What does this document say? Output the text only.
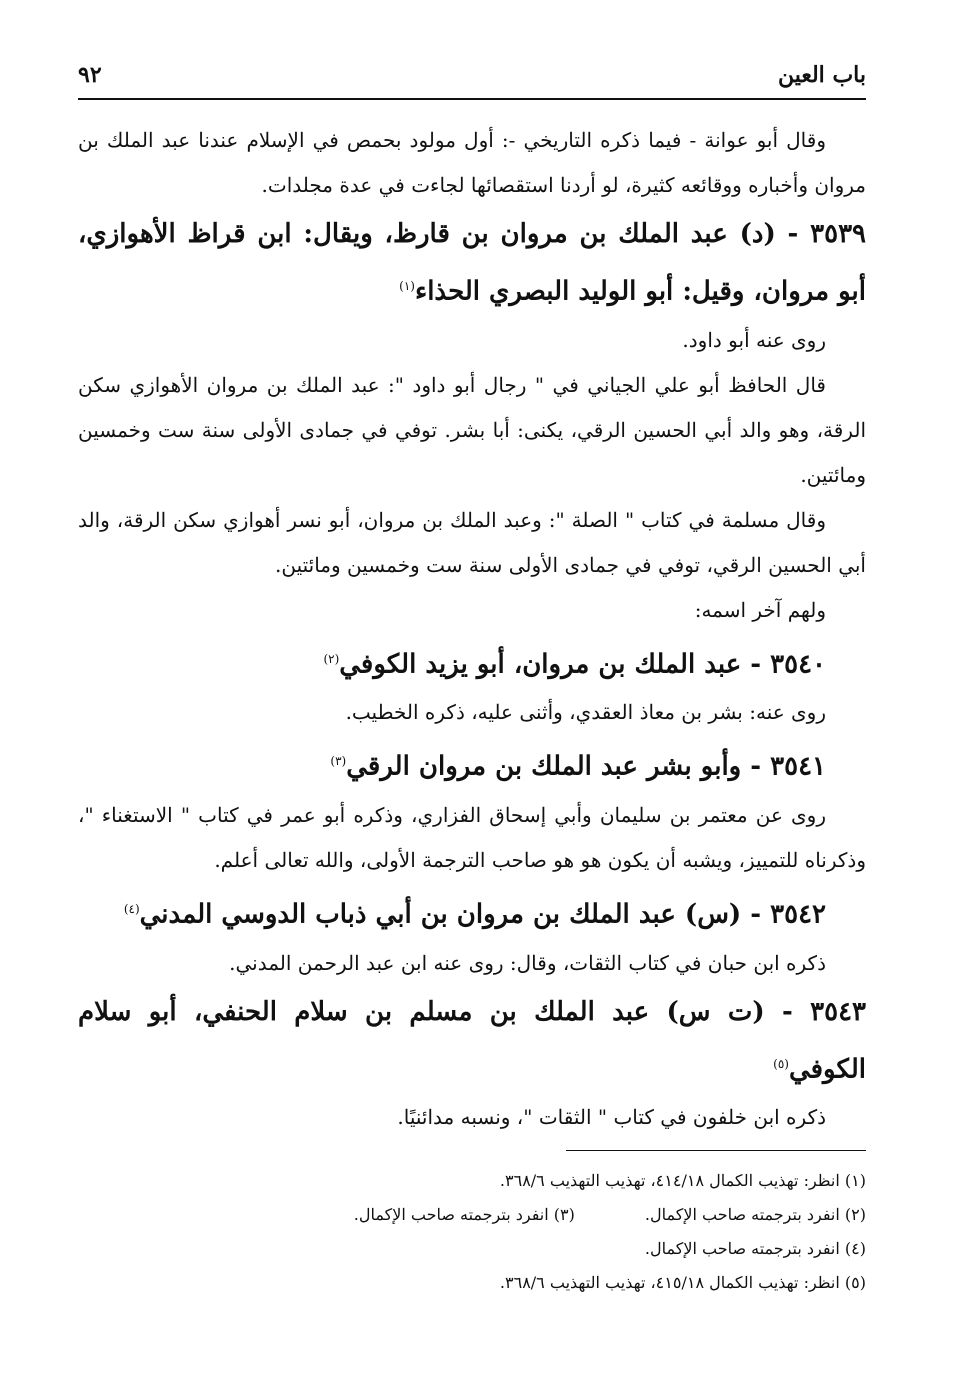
باب العين
٩٢

وقال أبو عوانة - فيما ذكره التاريخي -: أول مولود بحمص في الإسلام عندنا عبد الملك بن مروان وأخباره ووقائعه كثيرة، لو أردنا استقصائها لجاءت في عدة مجلدات.

٣٥٣٩ - (د) عبد الملك بن مروان بن قارظ، ويقال: ابن قراظ الأهوازي، أبو مروان، وقيل: أبو الوليد البصري الحذاء$^{(١)}$

روى عنه أبو داود.

قال الحافظ أبو علي الجياني في " رجال أبو داود ": عبد الملك بن مروان الأهوازي سكن الرقة، وهو والد أبي الحسين الرقي، يكنى: أبا بشر. توفي في جمادى الأولى سنة ست وخمسين ومائتين.

وقال مسلمة في كتاب " الصلة ": وعبد الملك بن مروان، أبو نسر أهوازي سكن الرقة، والد أبي الحسين الرقي، توفي في جمادى الأولى سنة ست وخمسين ومائتين.

ولهم آخر اسمه:

٣٥٤٠ - عبد الملك بن مروان، أبو يزيد الكوفي$^{(٢)}$

روى عنه: بشر بن معاذ العقدي، وأثنى عليه، ذكره الخطيب.

٣٥٤١ - وأبو بشر عبد الملك بن مروان الرقي$^{(٣)}$

روى عن معتمر بن سليمان وأبي إسحاق الفزاري، وذكره أبو عمر في كتاب " الاستغناء "، وذكرناه للتمييز، ويشبه أن يكون هو هو صاحب الترجمة الأولى، والله تعالى أعلم.

٣٥٤٢ - (س) عبد الملك بن مروان بن أبي ذباب الدوسي المدني$^{(٤)}$

ذكره ابن حبان في كتاب الثقات، وقال: روى عنه ابن عبد الرحمن المدني.

٣٥٤٣ - (ت س) عبد الملك بن مسلم بن سلام الحنفي، أبو سلام الكوفي$^{(٥)}$

ذكره ابن خلفون في كتاب " الثقات "، ونسبه مدائنيًا.

(١) انظر: تهذيب الكمال ٤١٤/١٨، تهذيب التهذيب ٣٦٨/٦.
(٢) انفرد بترجمته صاحب الإكمال.
(٣) انفرد بترجمته صاحب الإكمال.
(٤) انفرد بترجمته صاحب الإكمال.
(٥) انظر: تهذيب الكمال ٤١٥/١٨، تهذيب التهذيب ٣٦٨/٦.
